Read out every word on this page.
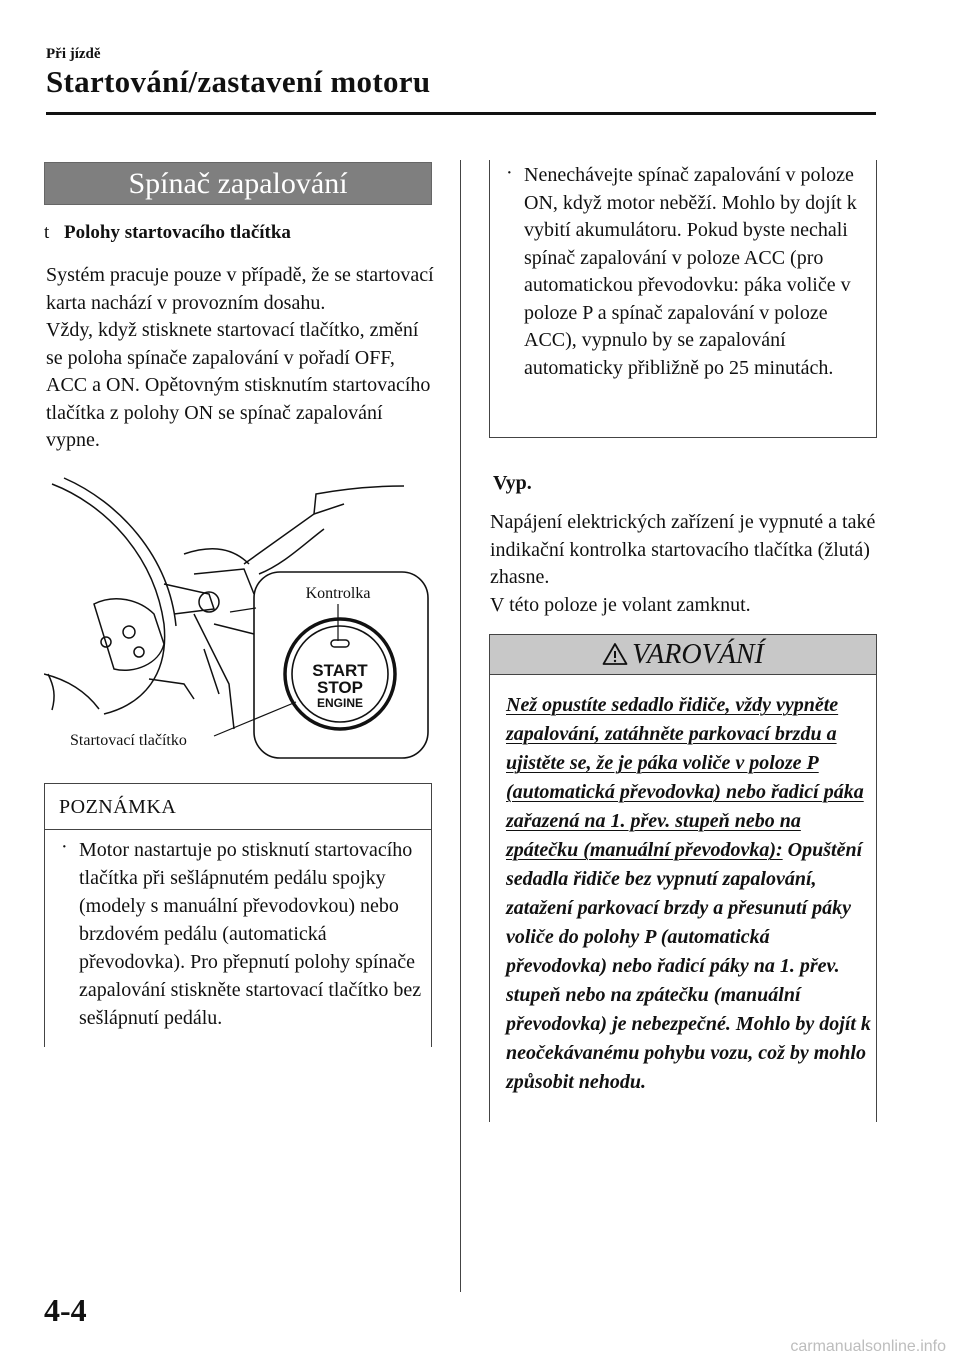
Při jízdě
Startování/zastavení motoru
Spínač zapalování
t Polohy startovacího tlačítka
Systém pracuje pouze v případě, že se startovací karta nachází v provozním dosahu.
Vždy, když stisknete startovací tlačítko, změní se poloha spínače zapalování v pořadí OFF, ACC a ON. Opětovným stisknutím startovacího tlačítka z polohy ON se spínač zapalování vypne.
START
STOP
ENGINE
Kontrolka
Startovací tlačítko
POZNÁMKA
· Motor nastartuje po stisknutí startovacího tlačítka při sešlápnutém pedálu spojky (modely s manuální převodovkou) nebo brzdovém pedálu (automatická převodovka). Pro přepnutí polohy spínače zapalování stiskněte startovací tlačítko bez sešlápnutí pedálu.
· Nenechávejte spínač zapalování v poloze ON, když motor neběží. Mohlo by dojít k vybití akumulátoru. Pokud byste nechali spínač zapalování v poloze ACC (pro automatickou převodovku: páka voliče v poloze P a spínač zapalování v poloze ACC), vypnulo by se zapalování automaticky přibližně po 25 minutách.
Vyp.
Napájení elektrických zařízení je vypnuté a také indikační kontrolka startovacího tlačítka (žlutá) zhasne.
V této poloze je volant zamknut.
VAROVÁNÍ
Než opustíte sedadlo řidiče, vždy vypněte zapalování, zatáhněte parkovací brzdu a ujistěte se, že je páka voliče v poloze P (automatická převodovka) nebo řadicí páka zařazená na 1. přev. stupeň nebo na zpátečku (manuální převodovka): Opuštění sedadla řidiče bez vypnutí zapalování, zatažení parkovací brzdy a přesunutí páky voliče do polohy P (automatická převodovka) nebo řadicí páky na 1. přev. stupeň nebo na zpátečku (manuální převodovka) je nebezpečné. Mohlo by dojít k neočekávanému pohybu vozu, což by mohlo způsobit nehodu.
4-4
carmanualsonline.info
